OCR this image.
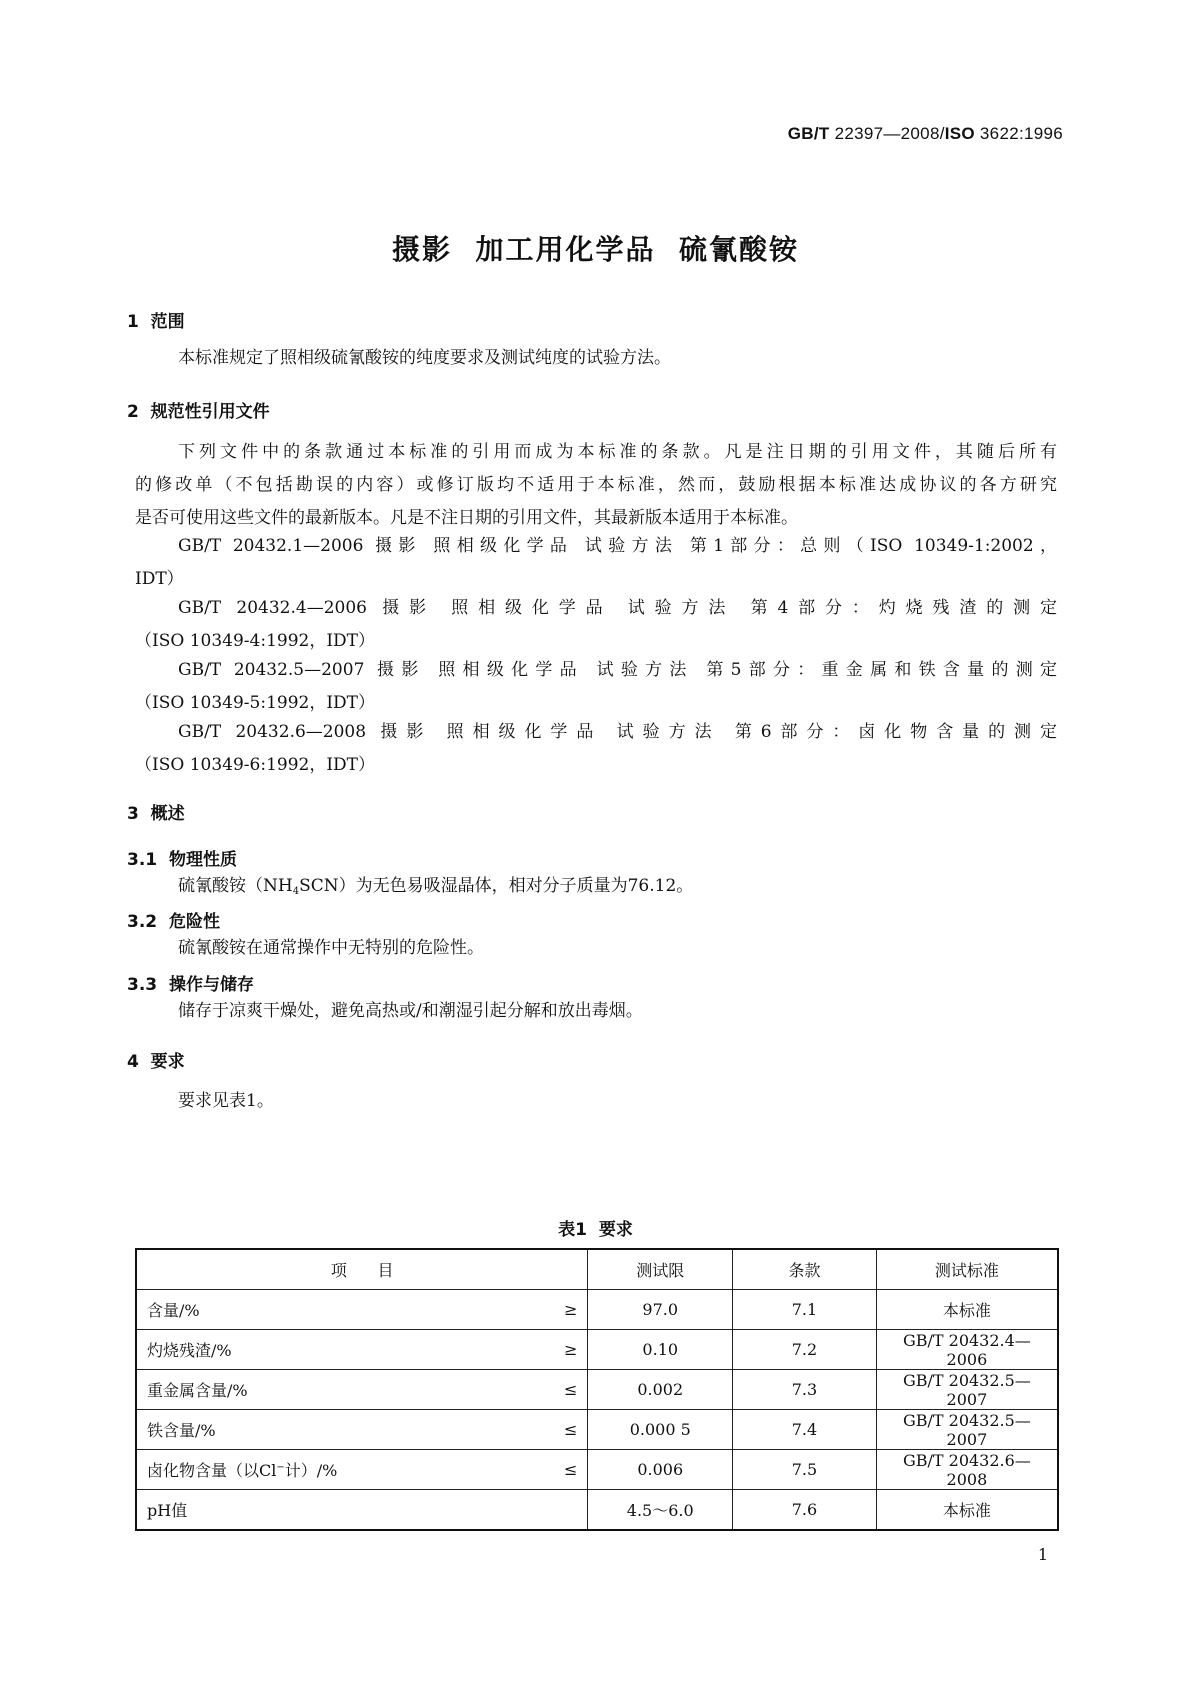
GB/T 22397—2008/ISO 3622:1996
摄影  加工用化学品  硫氰酸铵
1  范围
本标准规定了照相级硫氰酸铵的纯度要求及测试纯度的试验方法。
2  规范性引用文件
下列文件中的条款通过本标准的引用而成为本标准的条款。凡是注日期的引用文件，其随后所有
的修改单（不包括勘误的内容）或修订版均不适用于本标准，然而，鼓励根据本标准达成协议的各方研究
是否可使用这些文件的最新版本。凡是不注日期的引用文件，其最新版本适用于本标准。
GB/T 20432.1—2006 摄影 照相级化学品 试验方法 第1部分：总则（ISO 10349-1:2002，
IDT）
GB/T 20432.4—2006 摄影 照相级化学品 试验方法 第4部分：灼烧残渣的测定
（ISO 10349-4:1992，IDT）
GB/T 20432.5—2007 摄影 照相级化学品 试验方法 第5部分：重金属和铁含量的测定
（ISO 10349-5:1992，IDT）
GB/T 20432.6—2008 摄影 照相级化学品 试验方法 第6部分：卤化物含量的测定
（ISO 10349-6:1992，IDT）
3  概述
3.1  物理性质
硫氰酸铵$(NH_4SCN)$为无色易吸湿晶体，相对分子质量为76.12。
3.2  危险性
硫氰酸铵在通常操作中无特别的危险性。
3.3  操作与储存
储存于凉爽干燥处，避免高热或/和潮湿引起分解和放出毒烟。
4  要求
要求见表1。
表1  要求
项      目	测试限	条款	测试标准

含量/% ≥	97.0	7.1	本标准

灼烧残渣/% ≥	0.10	7.2	GB/T 20432.4—2006

重金属含量/% ≤	0.002	7.3	GB/T 20432.5—2007

铁含量/% ≤	0.000 5	7.4	GB/T 20432.5—2007

卤化物含量（以Cl−计）/% ≤	0.006	7.5	GB/T 20432.6—2008

pH值	4.5～6.0	7.6	本标准
1
